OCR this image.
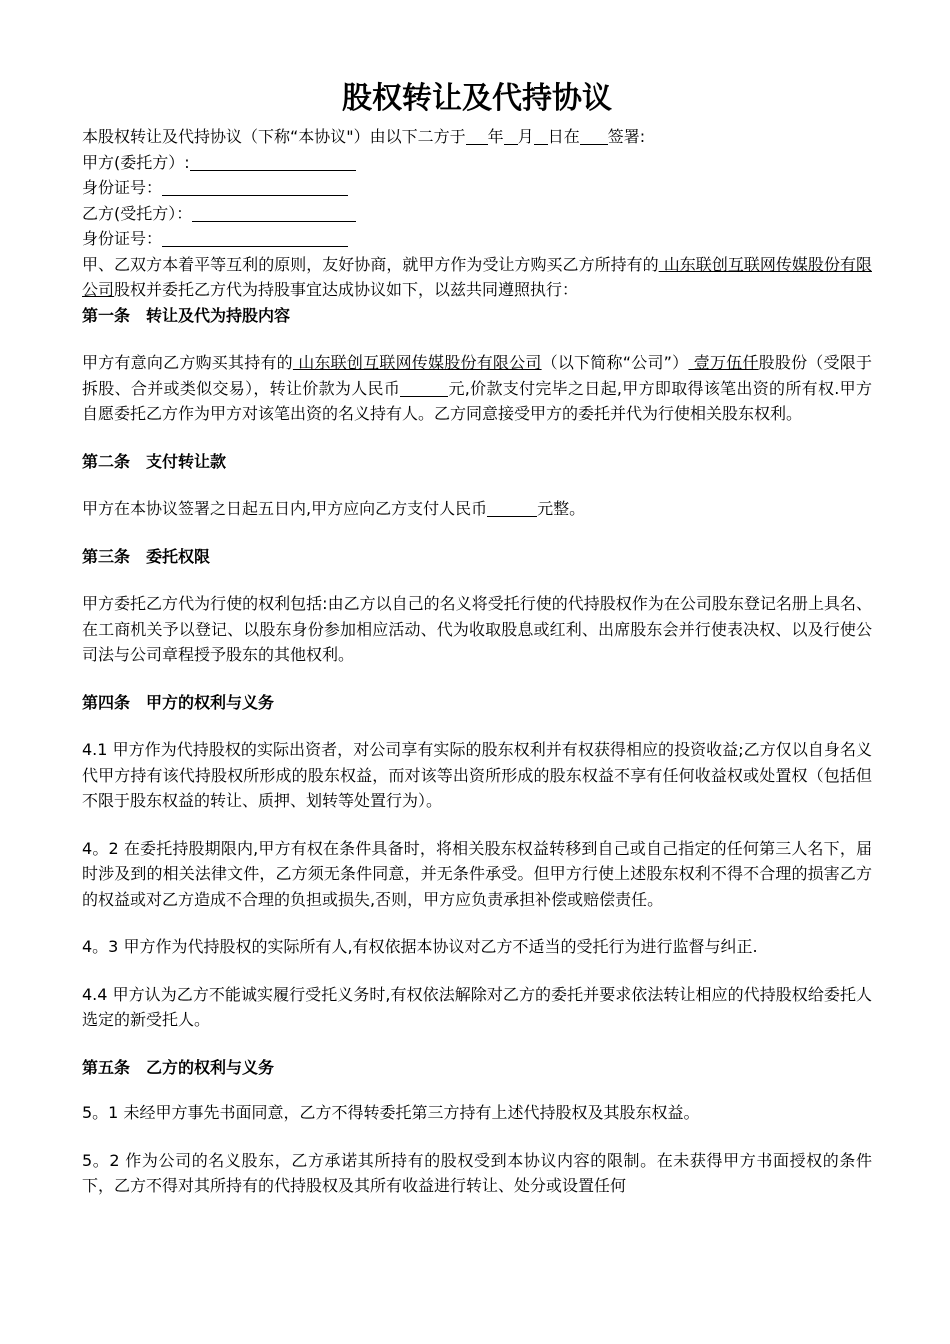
股权转让及代持协议
本股权转让及代持协议（下称“本协议"）由以下二方于 年 月 日在 签署:
甲方(委托方）:
身份证号：
乙方(受托方）：
身份证号：

甲、乙双方本着平等互利的原则，友好协商，就甲方作为受让方购买乙方所持有的 山东联创互联网传媒股份有限公司股权并委托乙方代为持股事宜达成协议如下，以兹共同遵照执行：

第一条　转让及代为持股内容

甲方有意向乙方购买其持有的 山东联创互联网传媒股份有限公司（以下简称“公司”） 壹万伍仟股股份（受限于拆股、合并或类似交易），转让价款为人民币	元,价款支付完毕之日起,甲方即取得该笔出资的所有权.甲方自愿委托乙方作为甲方对该笔出资的名义持有人。乙方同意接受甲方的委托并代为行使相关股东权利。

第二条　支付转让款

甲方在本协议签署之日起五日内,甲方应向乙方支付人民币	元整。

第三条　委托权限

甲方委托乙方代为行使的权利包括:由乙方以自己的名义将受托行使的代持股权作为在公司股东登记名册上具名、在工商机关予以登记、以股东身份参加相应活动、代为收取股息或红利、出席股东会并行使表决权、以及行使公司法与公司章程授予股东的其他权利。

第四条　甲方的权利与义务

4.1 甲方作为代持股权的实际出资者，对公司享有实际的股东权利并有权获得相应的投资收益;乙方仅以自身名义代甲方持有该代持股权所形成的股东权益，而对该等出资所形成的股东权益不享有任何收益权或处置权（包括但不限于股东权益的转让、质押、划转等处置行为）。

4。2 在委托持股期限内,甲方有权在条件具备时，将相关股东权益转移到自己或自己指定的任何第三人名下，届时涉及到的相关法律文件，乙方须无条件同意，并无条件承受。但甲方行使上述股东权利不得不合理的损害乙方的权益或对乙方造成不合理的负担或损失,否则，甲方应负责承担补偿或赔偿责任。

4。3 甲方作为代持股权的实际所有人,有权依据本协议对乙方不适当的受托行为进行监督与纠正.

4.4 甲方认为乙方不能诚实履行受托义务时,有权依法解除对乙方的委托并要求依法转让相应的代持股权给委托人选定的新受托人。

第五条　乙方的权利与义务

5。1 未经甲方事先书面同意，乙方不得转委托第三方持有上述代持股权及其股东权益。

5。2 作为公司的名义股东，乙方承诺其所持有的股权受到本协议内容的限制。在未获得甲方书面授权的条件下，乙方不得对其所持有的代持股权及其所有收益进行转让、处分或设置任何
